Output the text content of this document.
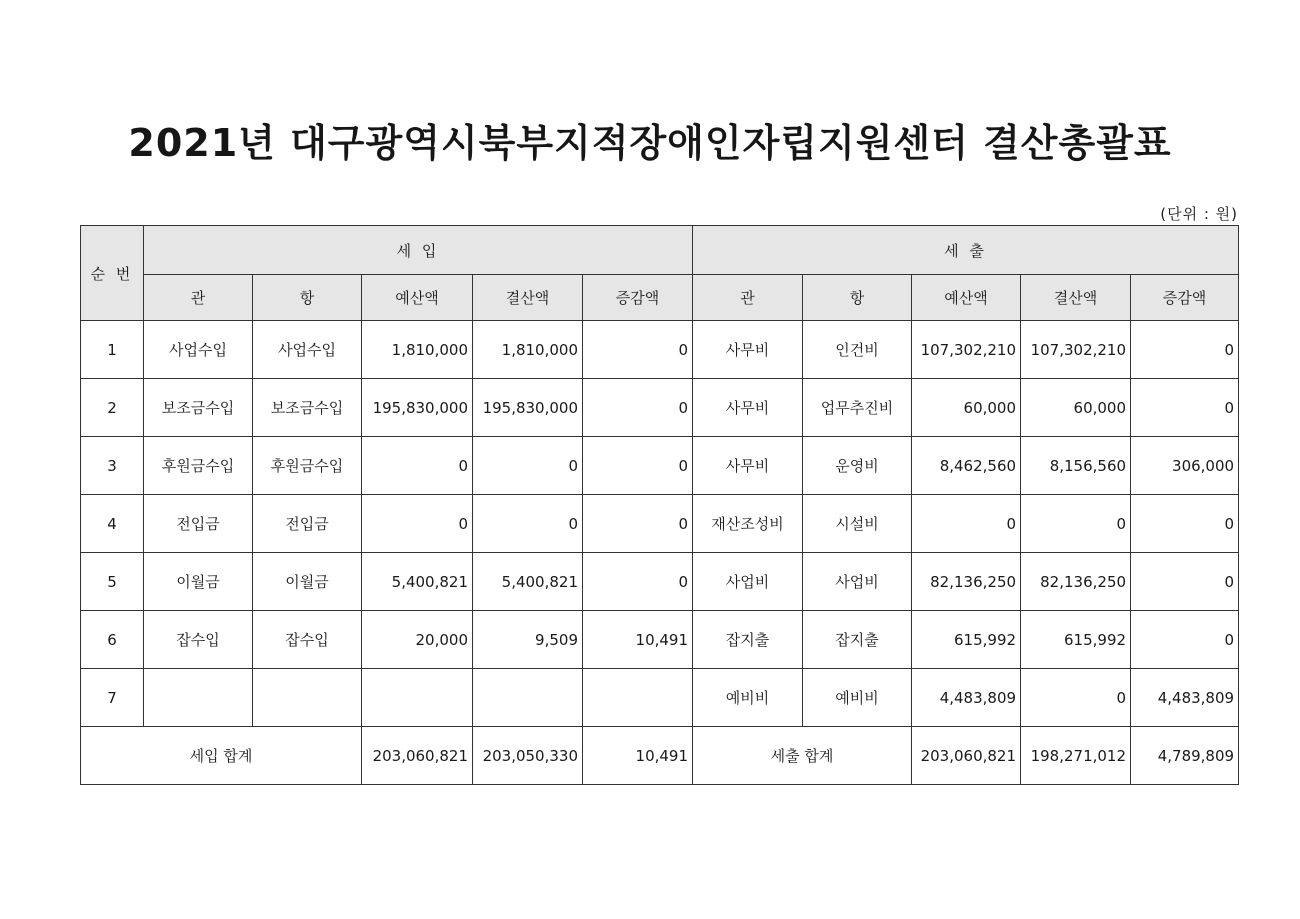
2021년 대구광역시북부지적장애인자립지원센터 결산총괄표
(단위 : 원)
순 번	세 입					세 출				
	관	항	예산액	결산액	증감액	관	항	예산액	결산액	증감액
1	사업수입	사업수입	1,810,000	1,810,000	0	사무비	인건비	107,302,210	107,302,210	0
2	보조금수입	보조금수입	195,830,000	195,830,000	0	사무비	업무추진비	60,000	60,000	0
3	후원금수입	후원금수입	0	0	0	사무비	운영비	8,462,560	8,156,560	306,000
4	전입금	전입금	0	0	0	재산조성비	시설비	0	0	0
5	이월금	이월금	5,400,821	5,400,821	0	사업비	사업비	82,136,250	82,136,250	0
6	잡수입	잡수입	20,000	9,509	10,491	잡지출	잡지출	615,992	615,992	0
7						예비비	예비비	4,483,809	0	4,483,809
세입 합계			203,060,821	203,050,330	10,491	세출 합계		203,060,821	198,271,012	4,789,809
